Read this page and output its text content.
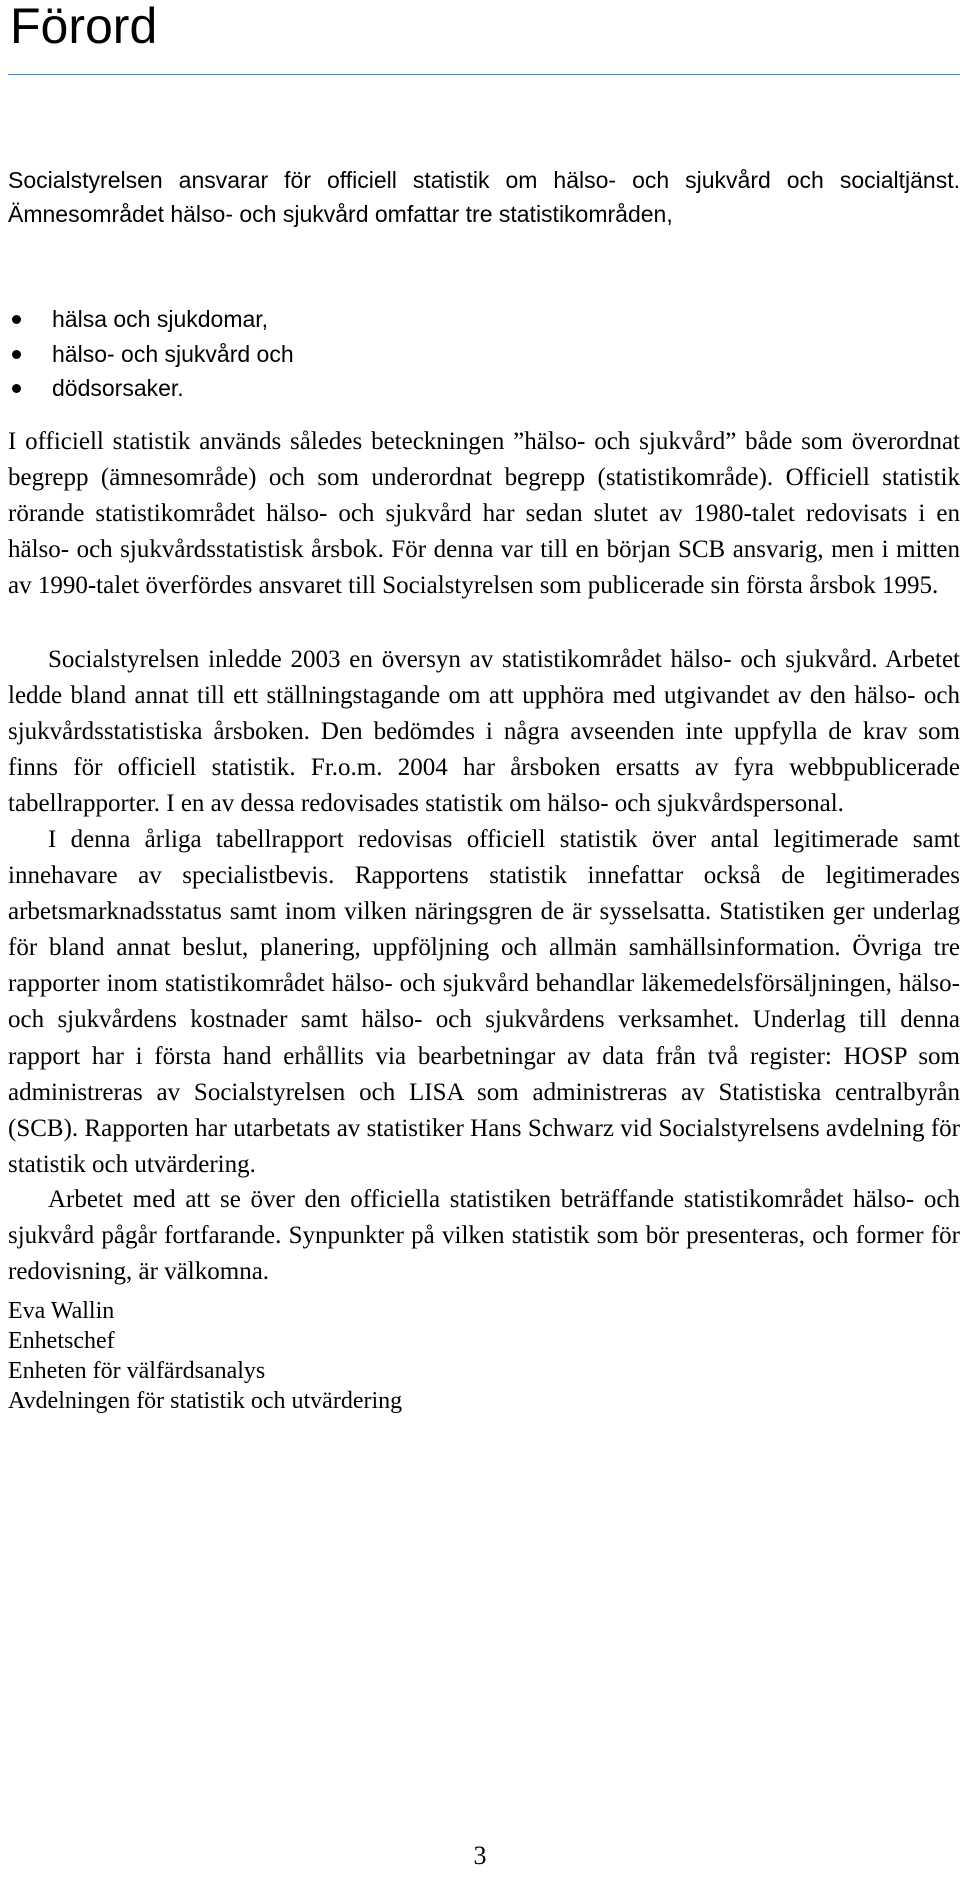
Förord

Socialstyrelsen ansvarar för officiell statistik om hälso- och sjukvård och socialtjänst. Ämnesområdet hälso- och sjukvård omfattar tre statistikområden,

hälsa och sjukdomar,
hälso- och sjukvård och
dödsorsaker.

I officiell statistik används således beteckningen ”hälso- och sjukvård” både som överordnat begrepp (ämnesområde) och som underordnat begrepp (statistikområde). Officiell statistik rörande statistikområdet hälso- och sjukvård har sedan slutet av 1980-talet redovisats i en hälso- och sjukvårdsstatistisk årsbok. För denna var till en början SCB ansvarig, men i mitten av 1990-talet överfördes ansvaret till Socialstyrelsen som publicerade sin första årsbok 1995.

Socialstyrelsen inledde 2003 en översyn av statistikområdet hälso- och sjukvård. Arbetet ledde bland annat till ett ställningstagande om att upphöra med utgivandet av den hälso- och sjukvårdsstatistiska årsboken. Den bedömdes i några avseenden inte uppfylla de krav som finns för officiell statistik. Fr.o.m. 2004 har årsboken ersatts av fyra webbpublicerade tabellrapporter. I en av dessa redovisades statistik om hälso- och sjukvårdspersonal.

I denna årliga tabellrapport redovisas officiell statistik över antal legitimerade samt innehavare av specialistbevis. Rapportens statistik innefattar också de legitimerades arbetsmarknadsstatus samt inom vilken näringsgren de är sysselsatta. Statistiken ger underlag för bland annat beslut, planering, uppföljning och allmän samhällsinformation. Övriga tre rapporter inom statistikområdet hälso- och sjukvård behandlar läkemedelsförsäljningen, hälso- och sjukvårdens kostnader samt hälso- och sjukvårdens verksamhet. Underlag till denna rapport har i första hand erhållits via bearbetningar av data från två register: HOSP som administreras av Socialstyrelsen och LISA som administreras av Statistiska centralbyrån (SCB). Rapporten har utarbetats av statistiker Hans Schwarz vid Socialstyrelsens avdelning för statistik och utvärdering.

Arbetet med att se över den officiella statistiken beträffande statistikområdet hälso- och sjukvård pågår fortfarande. Synpunkter på vilken statistik som bör presenteras, och former för redovisning, är välkomna.

Eva Wallin
Enhetschef
Enheten för välfärdsanalys
Avdelningen för statistik och utvärdering
3
